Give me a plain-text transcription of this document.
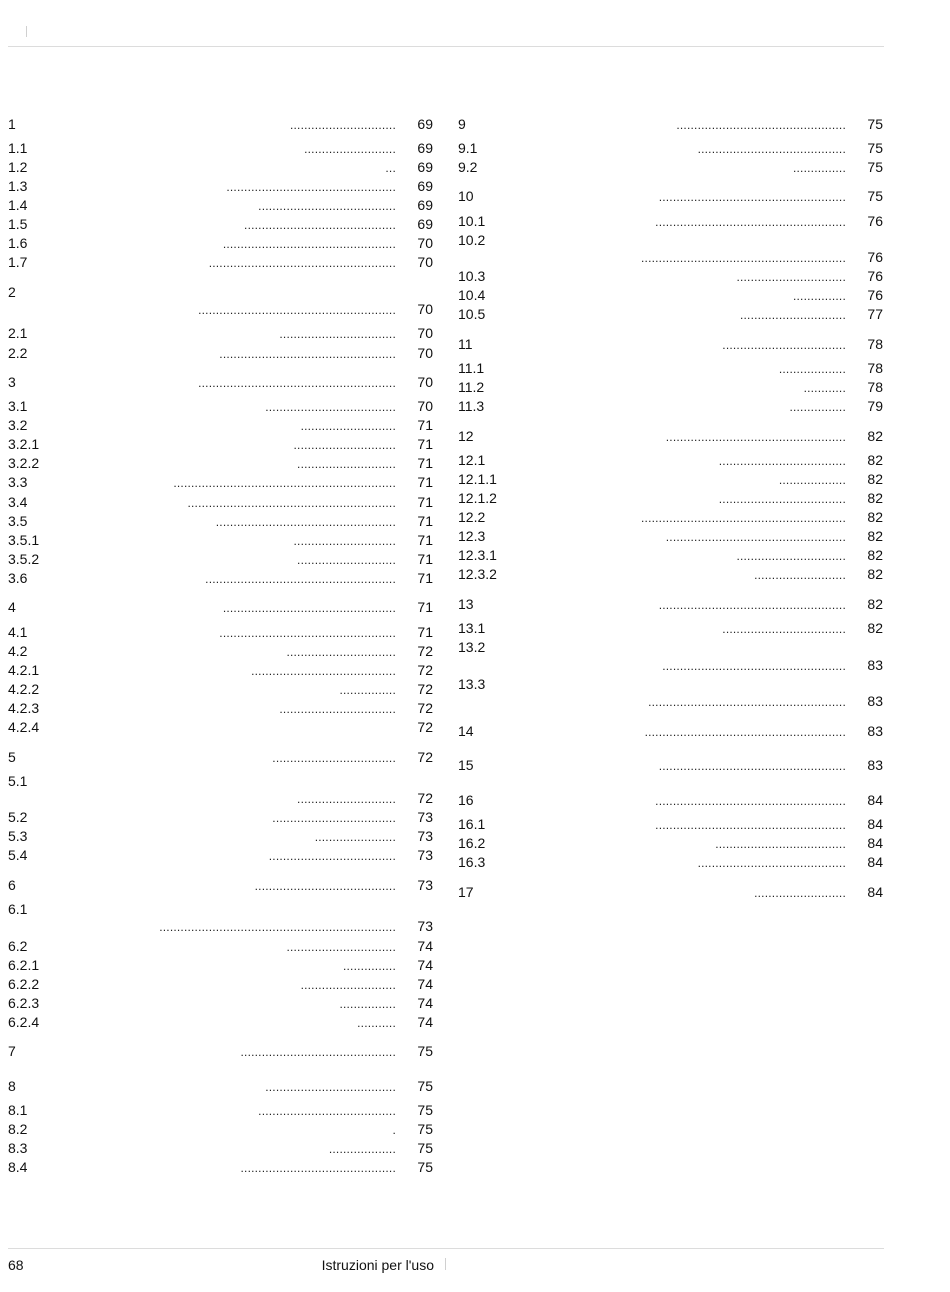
1	.............................. 69
1.1	.......................... 69
1.2	... 69
1.3	................................................ 69
1.4	....................................... 69
1.5	........................................... 69
1.6	................................................. 70
1.7	..................................................... 70
2
........................................................ 70
2.1	................................. 70
2.2	.................................................. 70
3	........................................................ 70
3.1	..................................... 70
3.2	........................... 71
3.2.1	............................. 71
3.2.2	............................ 71
3.3	............................................................... 71
3.4	........................................................... 71
3.5	................................................... 71
3.5.1	............................. 71
3.5.2	............................ 71
3.6	...................................................... 71
4	................................................. 71
4.1	.................................................. 71
4.2	............................... 72
4.2.1	......................................... 72
4.2.2	................ 72
4.2.3	................................. 72
4.2.4	72
5	................................... 72
5.1
............................ 72
5.2	................................... 73
5.3	....................... 73
5.4	.................................... 73
6	........................................ 73
6.1
................................................................... 73
6.2	............................... 74
6.2.1	............... 74
6.2.2	........................... 74
6.2.3	................ 74
6.2.4	........... 74
7	............................................ 75
8	..................................... 75
8.1	....................................... 75
8.2	. 75
8.3	................... 75
8.4	............................................ 75
9	................................................ 75
9.1	.......................................... 75
9.2	............... 75
10	..................................................... 75
10.1	...................................................... 76
10.2
.......................................................... 76
10.3	............................... 76
10.4	............... 76
10.5	.............................. 77
11	................................... 78
11.1	................... 78
11.2	............ 78
11.3	................ 79
12	................................................... 82
12.1	.................................... 82
12.1.1	................... 82
12.1.2	.................................... 82
12.2	.......................................................... 82
12.3	................................................... 82
12.3.1	............................... 82
12.3.2	.......................... 82
13	..................................................... 82
13.1	................................... 82
13.2
.................................................... 83
13.3
........................................................ 83
14	......................................................... 83
15	..................................................... 83
16	...................................................... 84
16.1	...................................................... 84
16.2	..................................... 84
16.3	.......................................... 84
17	.......................... 84
68	Istruzioni per l'uso
